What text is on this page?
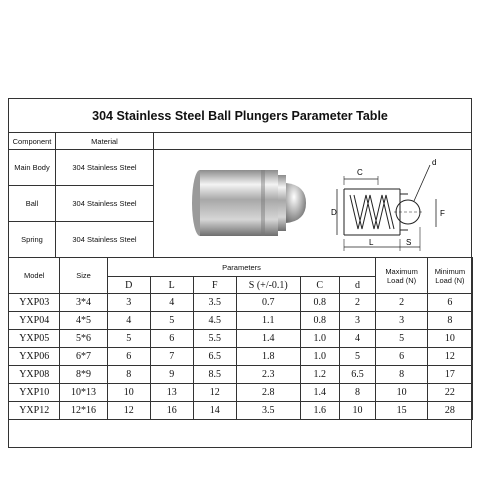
304 Stainless Steel Ball Plungers Parameter Table
Component	Material
Main Body	304 Stainless Steel
Ball	304 Stainless Steel
Spring	304 Stainless Steel
D
C
d
F
L	S
Model	Size	Parameters						Maximum Load (N)	Minimum Load (N)
		D	L	F	S (+/-0.1)	C	d		
YXP03	3*4	3	4	3.5	0.7	0.8	2	2	6
YXP04	4*5	4	5	4.5	1.1	0.8	3	3	8
YXP05	5*6	5	6	5.5	1.4	1.0	4	5	10
YXP06	6*7	6	7	6.5	1.8	1.0	5	6	12
YXP08	8*9	8	9	8.5	2.3	1.2	6.5	8	17
YXP10	10*13	10	13	12	2.8	1.4	8	10	22
YXP12	12*16	12	16	14	3.5	1.6	10	15	28
